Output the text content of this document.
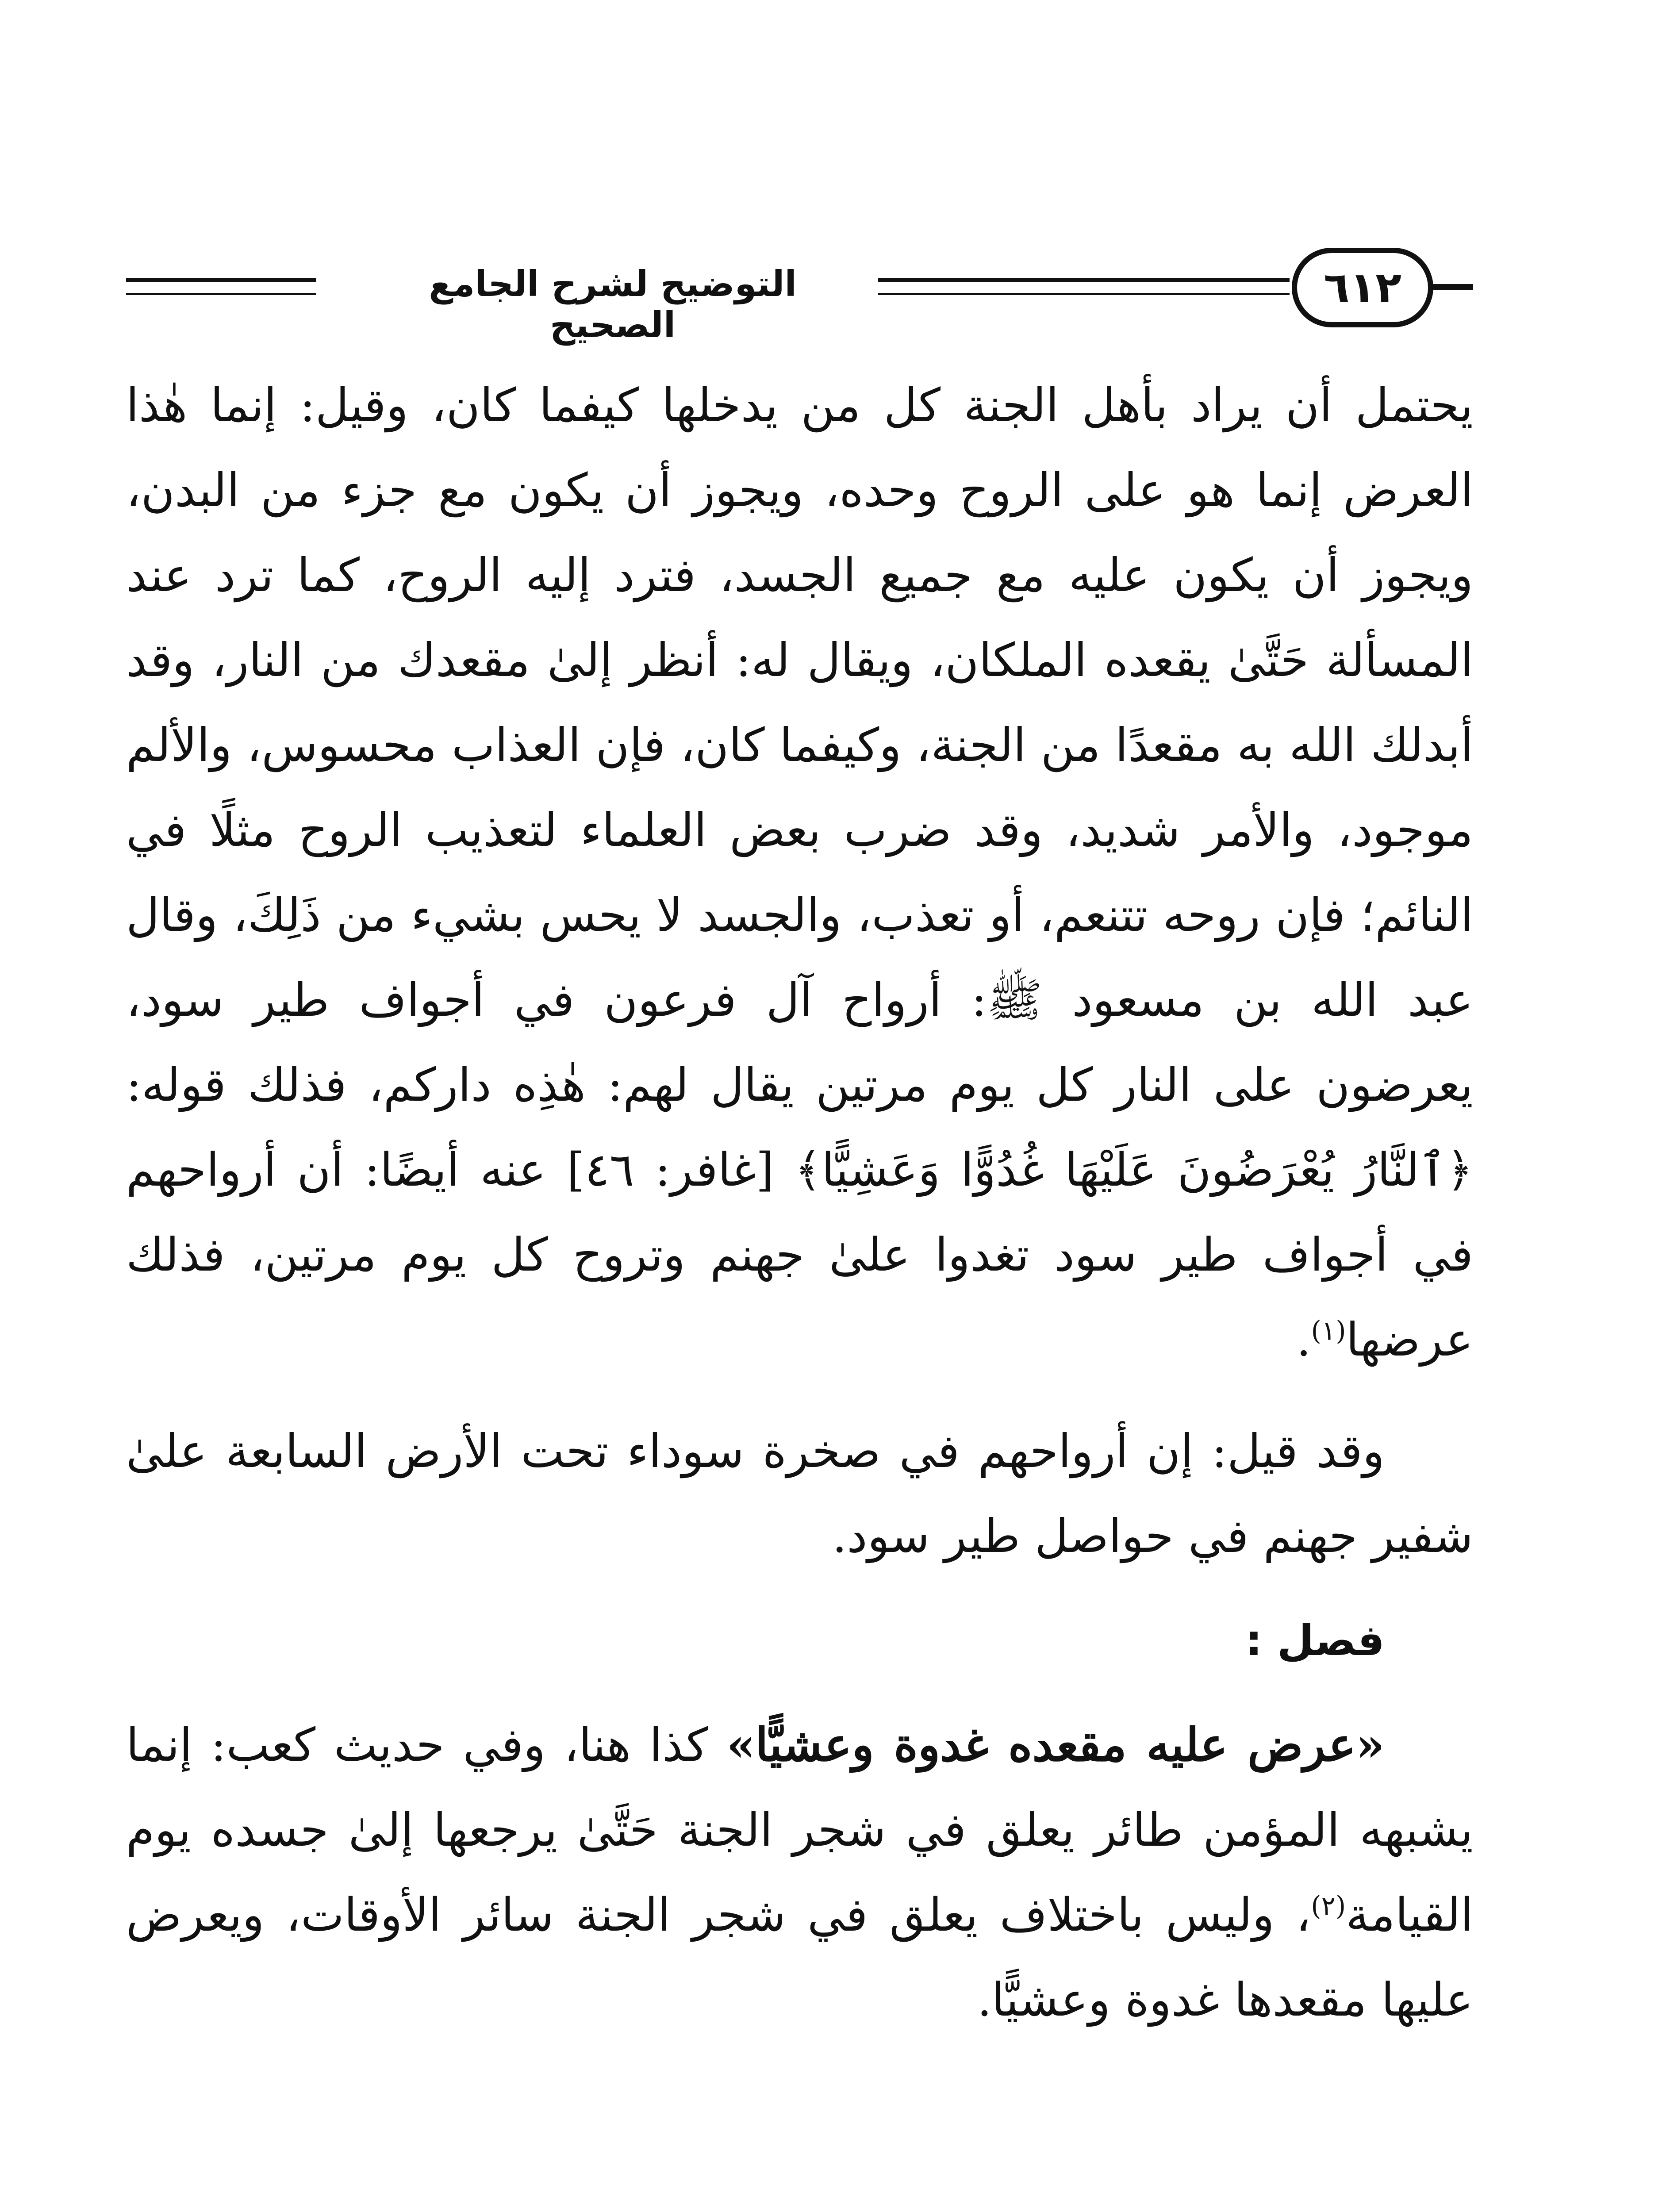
التوضيح لشرح الجامع الصحيح
٦١٢

يحتمل أن يراد بأهل الجنة كل من يدخلها كيفما كان، وقيل: إنما هٰذا العرض إنما هو على الروح وحده، ويجوز أن يكون مع جزء من البدن، ويجوز أن يكون عليه مع جميع الجسد، فترد إليه الروح، كما ترد عند المسألة حَتَّىٰ يقعده الملكان، ويقال له: أنظر إلىٰ مقعدك من النار، وقد أبدلك الله به مقعدًا من الجنة، وكيفما كان، فإن العذاب محسوس، والألم موجود، والأمر شديد، وقد ضرب بعض العلماء لتعذيب الروح مثلًا في النائم؛ فإن روحه تتنعم، أو تعذب، والجسد لا يحس بشيء من ذَلِكَ، وقال عبد الله بن مسعود ﷺ: أرواح آل فرعون في أجواف طير سود، يعرضون على النار كل يوم مرتين يقال لهم: هٰذِه داركم، فذلك قوله: ﴿ٱلنَّارُ يُعْرَضُونَ عَلَيْهَا غُدُوًّا وَعَشِيًّا﴾ [غافر: ٤٦] عنه أيضًا: أن أرواحهم في أجواف طير سود تغدوا علىٰ جهنم وتروح كل يوم مرتين، فذلك عرضها$^{(١)}$.

وقد قيل: إن أرواحهم في صخرة سوداء تحت الأرض السابعة علىٰ شفير جهنم في حواصل طير سود.

فصل :

«عرض عليه مقعده غدوة وعشيًّا» كذا هنا، وفي حديث كعب: إنما يشبهه المؤمن طائر يعلق في شجر الجنة حَتَّىٰ يرجعها إلىٰ جسده يوم القيامة$^{(٢)}$، وليس باختلاف يعلق في شجر الجنة سائر الأوقات، ويعرض عليها مقعدها غدوة وعشيًّا.
